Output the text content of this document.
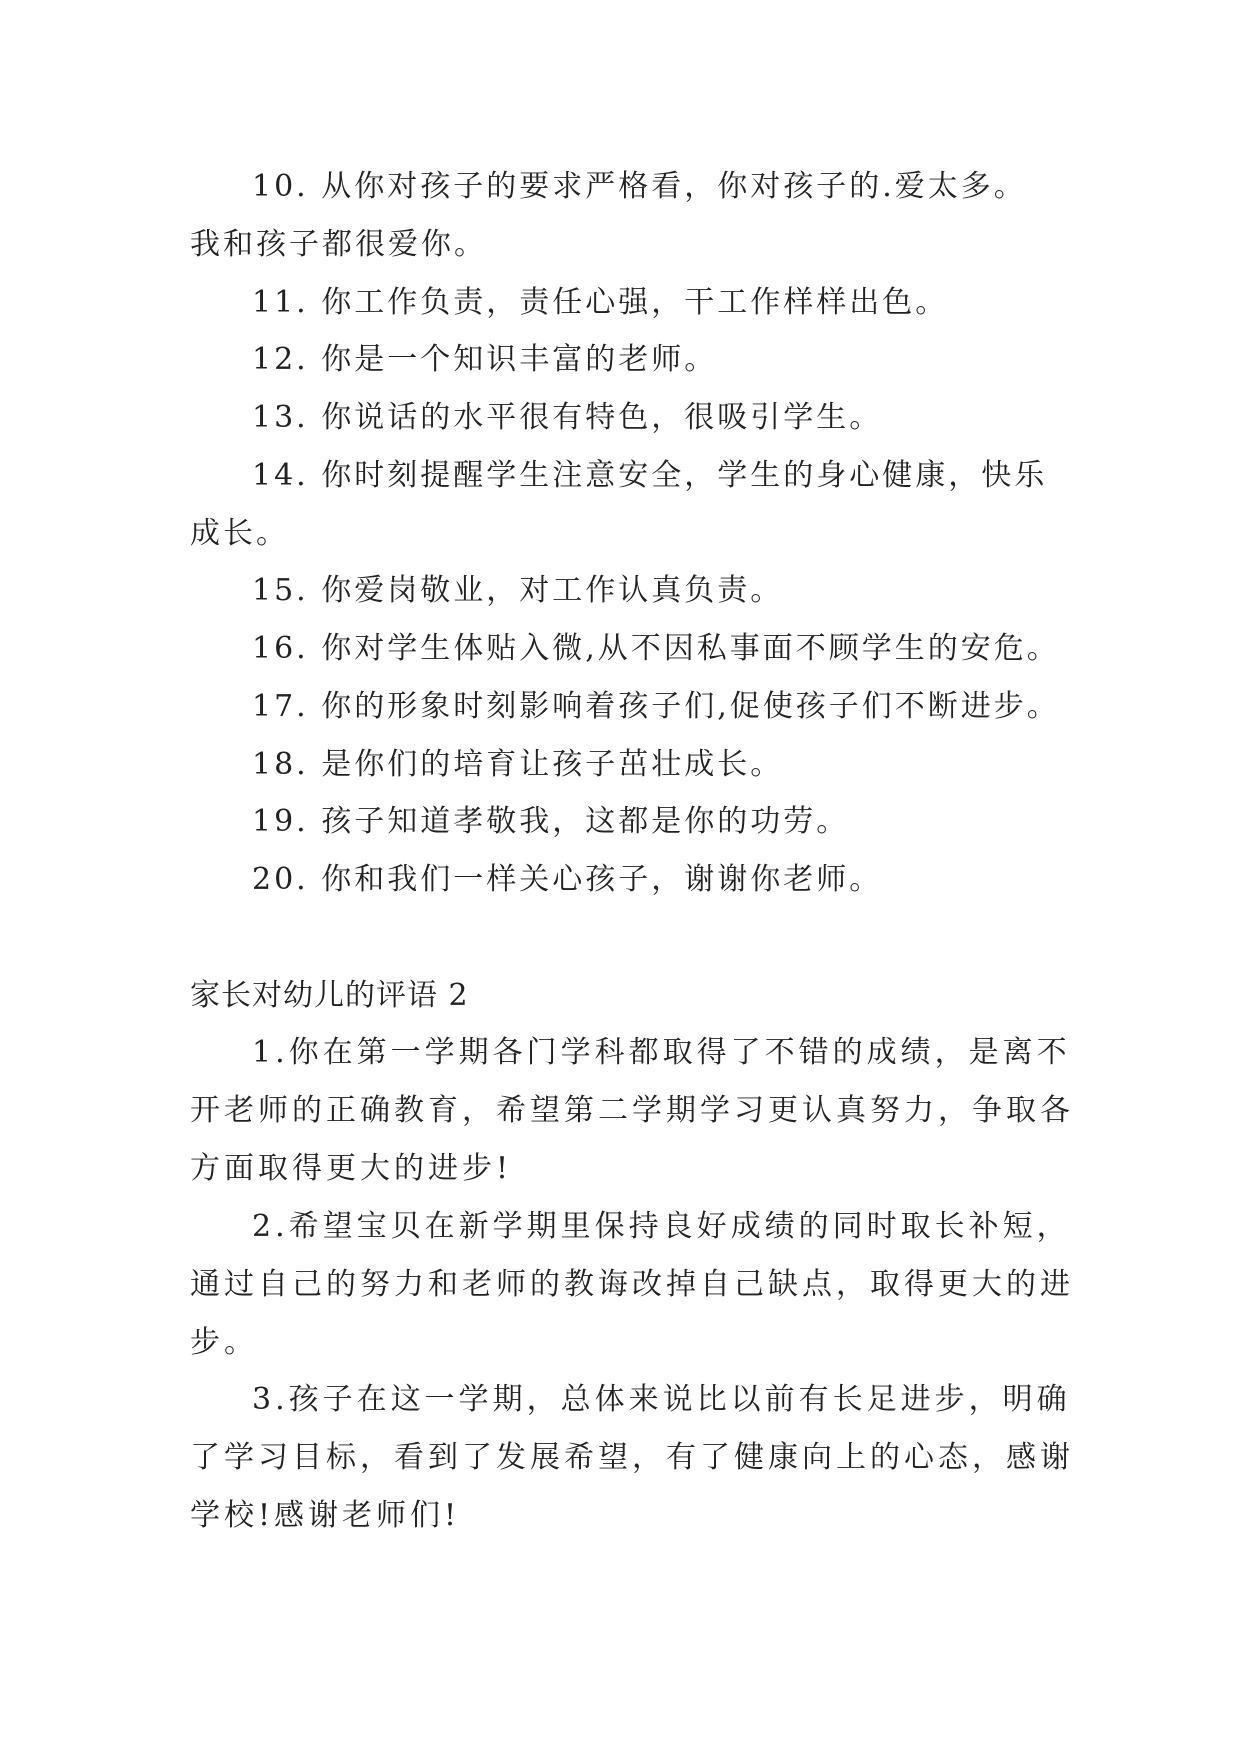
10. 从你对孩子的要求严格看，你对孩子的.爱太多。
我和孩子都很爱你。
11. 你工作负责，责任心强，干工作样样出色。
12. 你是一个知识丰富的老师。
13. 你说话的水平很有特色，很吸引学生。
14. 你时刻提醒学生注意安全，学生的身心健康，快乐
成长。
15. 你爱岗敬业，对工作认真负责。
16. 你对学生体贴入微,从不因私事面不顾学生的安危。
17. 你的形象时刻影响着孩子们,促使孩子们不断进步。
18. 是你们的培育让孩子茁壮成长。
19. 孩子知道孝敬我，这都是你的功劳。
20. 你和我们一样关心孩子，谢谢你老师。
家长对幼儿的评语 2
1.你在第一学期各门学科都取得了不错的成绩，是离不
开老师的正确教育，希望第二学期学习更认真努力，争取各
方面取得更大的进步!
2.希望宝贝在新学期里保持良好成绩的同时取长补短，
通过自己的努力和老师的教诲改掉自己缺点，取得更大的进
步。
3.孩子在这一学期，总体来说比以前有长足进步，明确
了学习目标，看到了发展希望，有了健康向上的心态，感谢
学校!感谢老师们!
